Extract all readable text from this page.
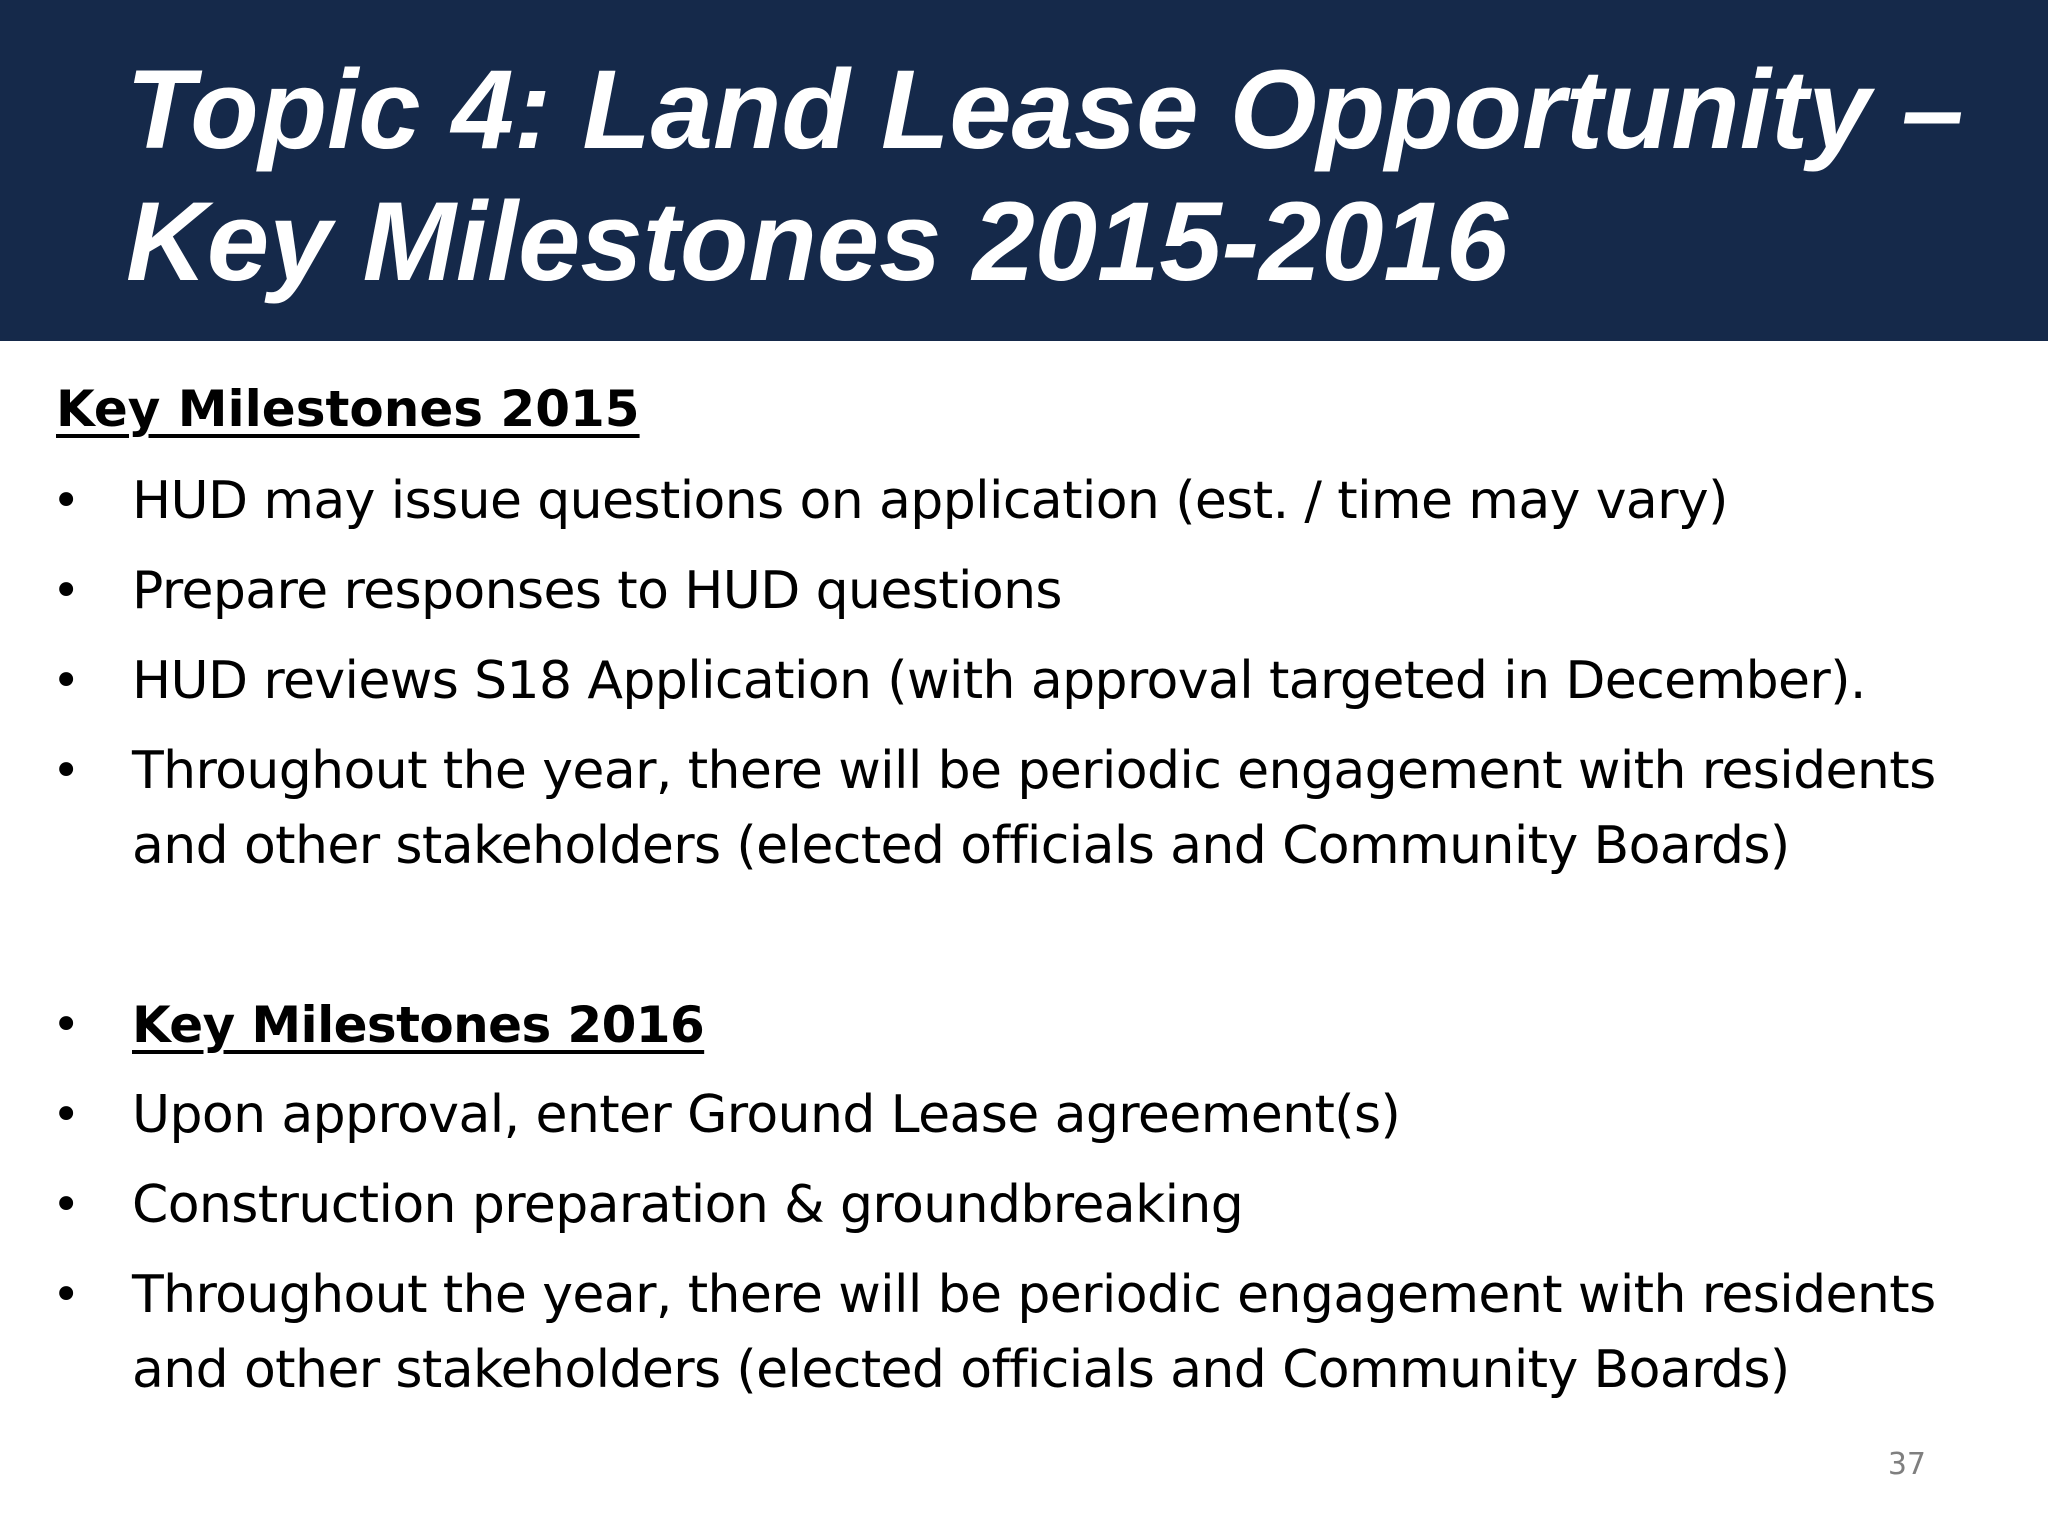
Topic 4: Land Lease Opportunity –
Key Milestones 2015-2016
Key Milestones 2015
• HUD may issue questions on application (est. / time may vary)
• Prepare responses to HUD questions
• HUD reviews S18 Application (with approval targeted in December).
• Throughout the year, there will be periodic engagement with residents and other stakeholders (elected officials and Community Boards)
• Key Milestones 2016
• Upon approval, enter Ground Lease agreement(s)
• Construction preparation & groundbreaking
• Throughout the year, there will be periodic engagement with residents and other stakeholders (elected officials and Community Boards)
37
